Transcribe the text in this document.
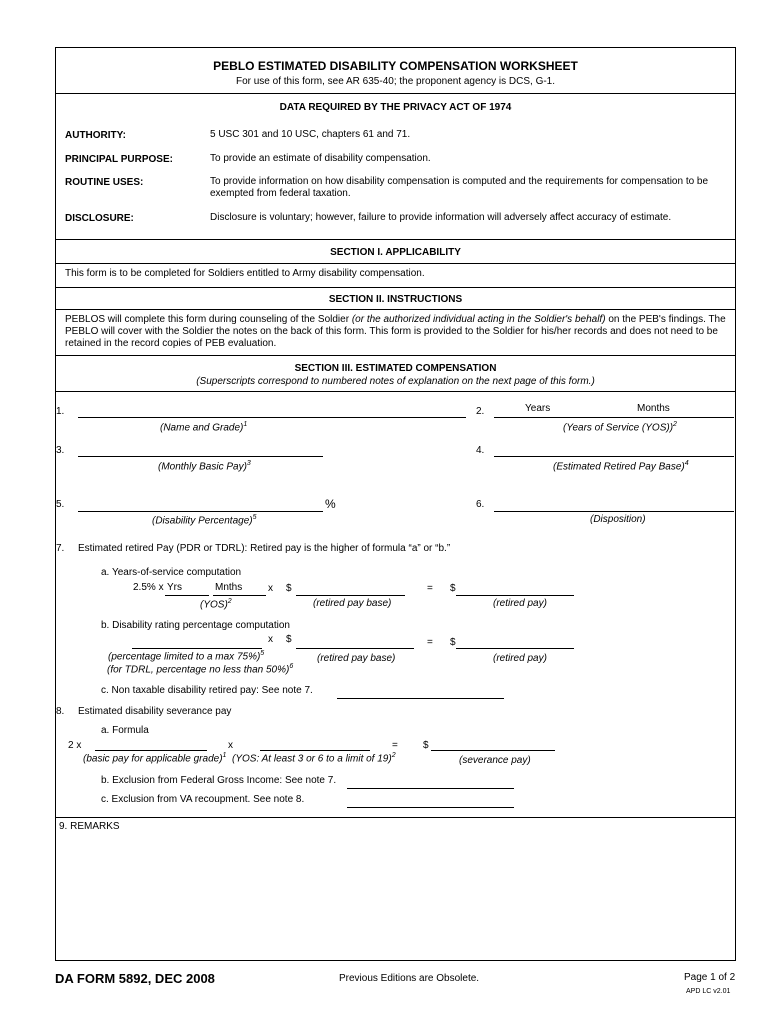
PEBLO ESTIMATED DISABILITY COMPENSATION WORKSHEET
For use of this form, see AR 635-40; the proponent agency is DCS, G-1.
DATA REQUIRED BY THE PRIVACY ACT OF 1974
AUTHORITY:	5 USC 301 and 10 USC, chapters 61 and 71.
PRINCIPAL PURPOSE:	To provide an estimate of disability compensation.
ROUTINE USES:	To provide information on how disability compensation is computed and the requirements for compensation to be exempted from federal taxation.
DISCLOSURE:	Disclosure is voluntary; however, failure to provide information will adversely affect accuracy of estimate.
SECTION I. APPLICABILITY
This form is to be completed for Soldiers entitled to Army disability compensation.
SECTION II. INSTRUCTIONS
PEBLOS will complete this form during counseling of the Soldier (or the authorized individual acting in the Soldier's behalf) on the PEB's findings. The PEBLO will cover with the Soldier the notes on the back of this form. This form is provided to the Soldier for his/her records and does not need to be retained in the record copies of PEB evaluation.
SECTION III. ESTIMATED COMPENSATION
(Superscripts correspond to numbered notes of explanation on the next page of this form.)
1.
(Name and Grade)$^1$
2.	Years	Months
(Years of Service (YOS))$^2$
3.
(Monthly Basic Pay)$^3$
4.
(Estimated Retired Pay Base)$^4$
5.	%
(Disability Percentage)$^5$
6.
(Disposition)
7. Estimated retired Pay (PDR or TDRL): Retired pay is the higher of formula “a” or “b.”
a. Years-of-service computation
2.5% x Yrs	Mnths	x $	= $
(YOS)$^2$	(retired pay base)	(retired pay)
b. Disability rating percentage computation
x $	= $
(percentage limited to a max 75%)$^5$	(retired pay base)	(retired pay)
(for TDRL, percentage no less than 50%)$^6$
c. Non taxable disability retired pay: See note 7.
8. Estimated disability severance pay
a. Formula
2 x	x	=	$
(basic pay for applicable grade)$^1$ (YOS: At least 3 or 6 to a limit of 19)$^2$	(severance pay)
b. Exclusion from Federal Gross Income: See note 7.
c. Exclusion from VA recoupment. See note 8.
9. REMARKS
DA FORM 5892, DEC 2008	Previous Editions are Obsolete.	Page 1 of 2
APD LC v2.01
